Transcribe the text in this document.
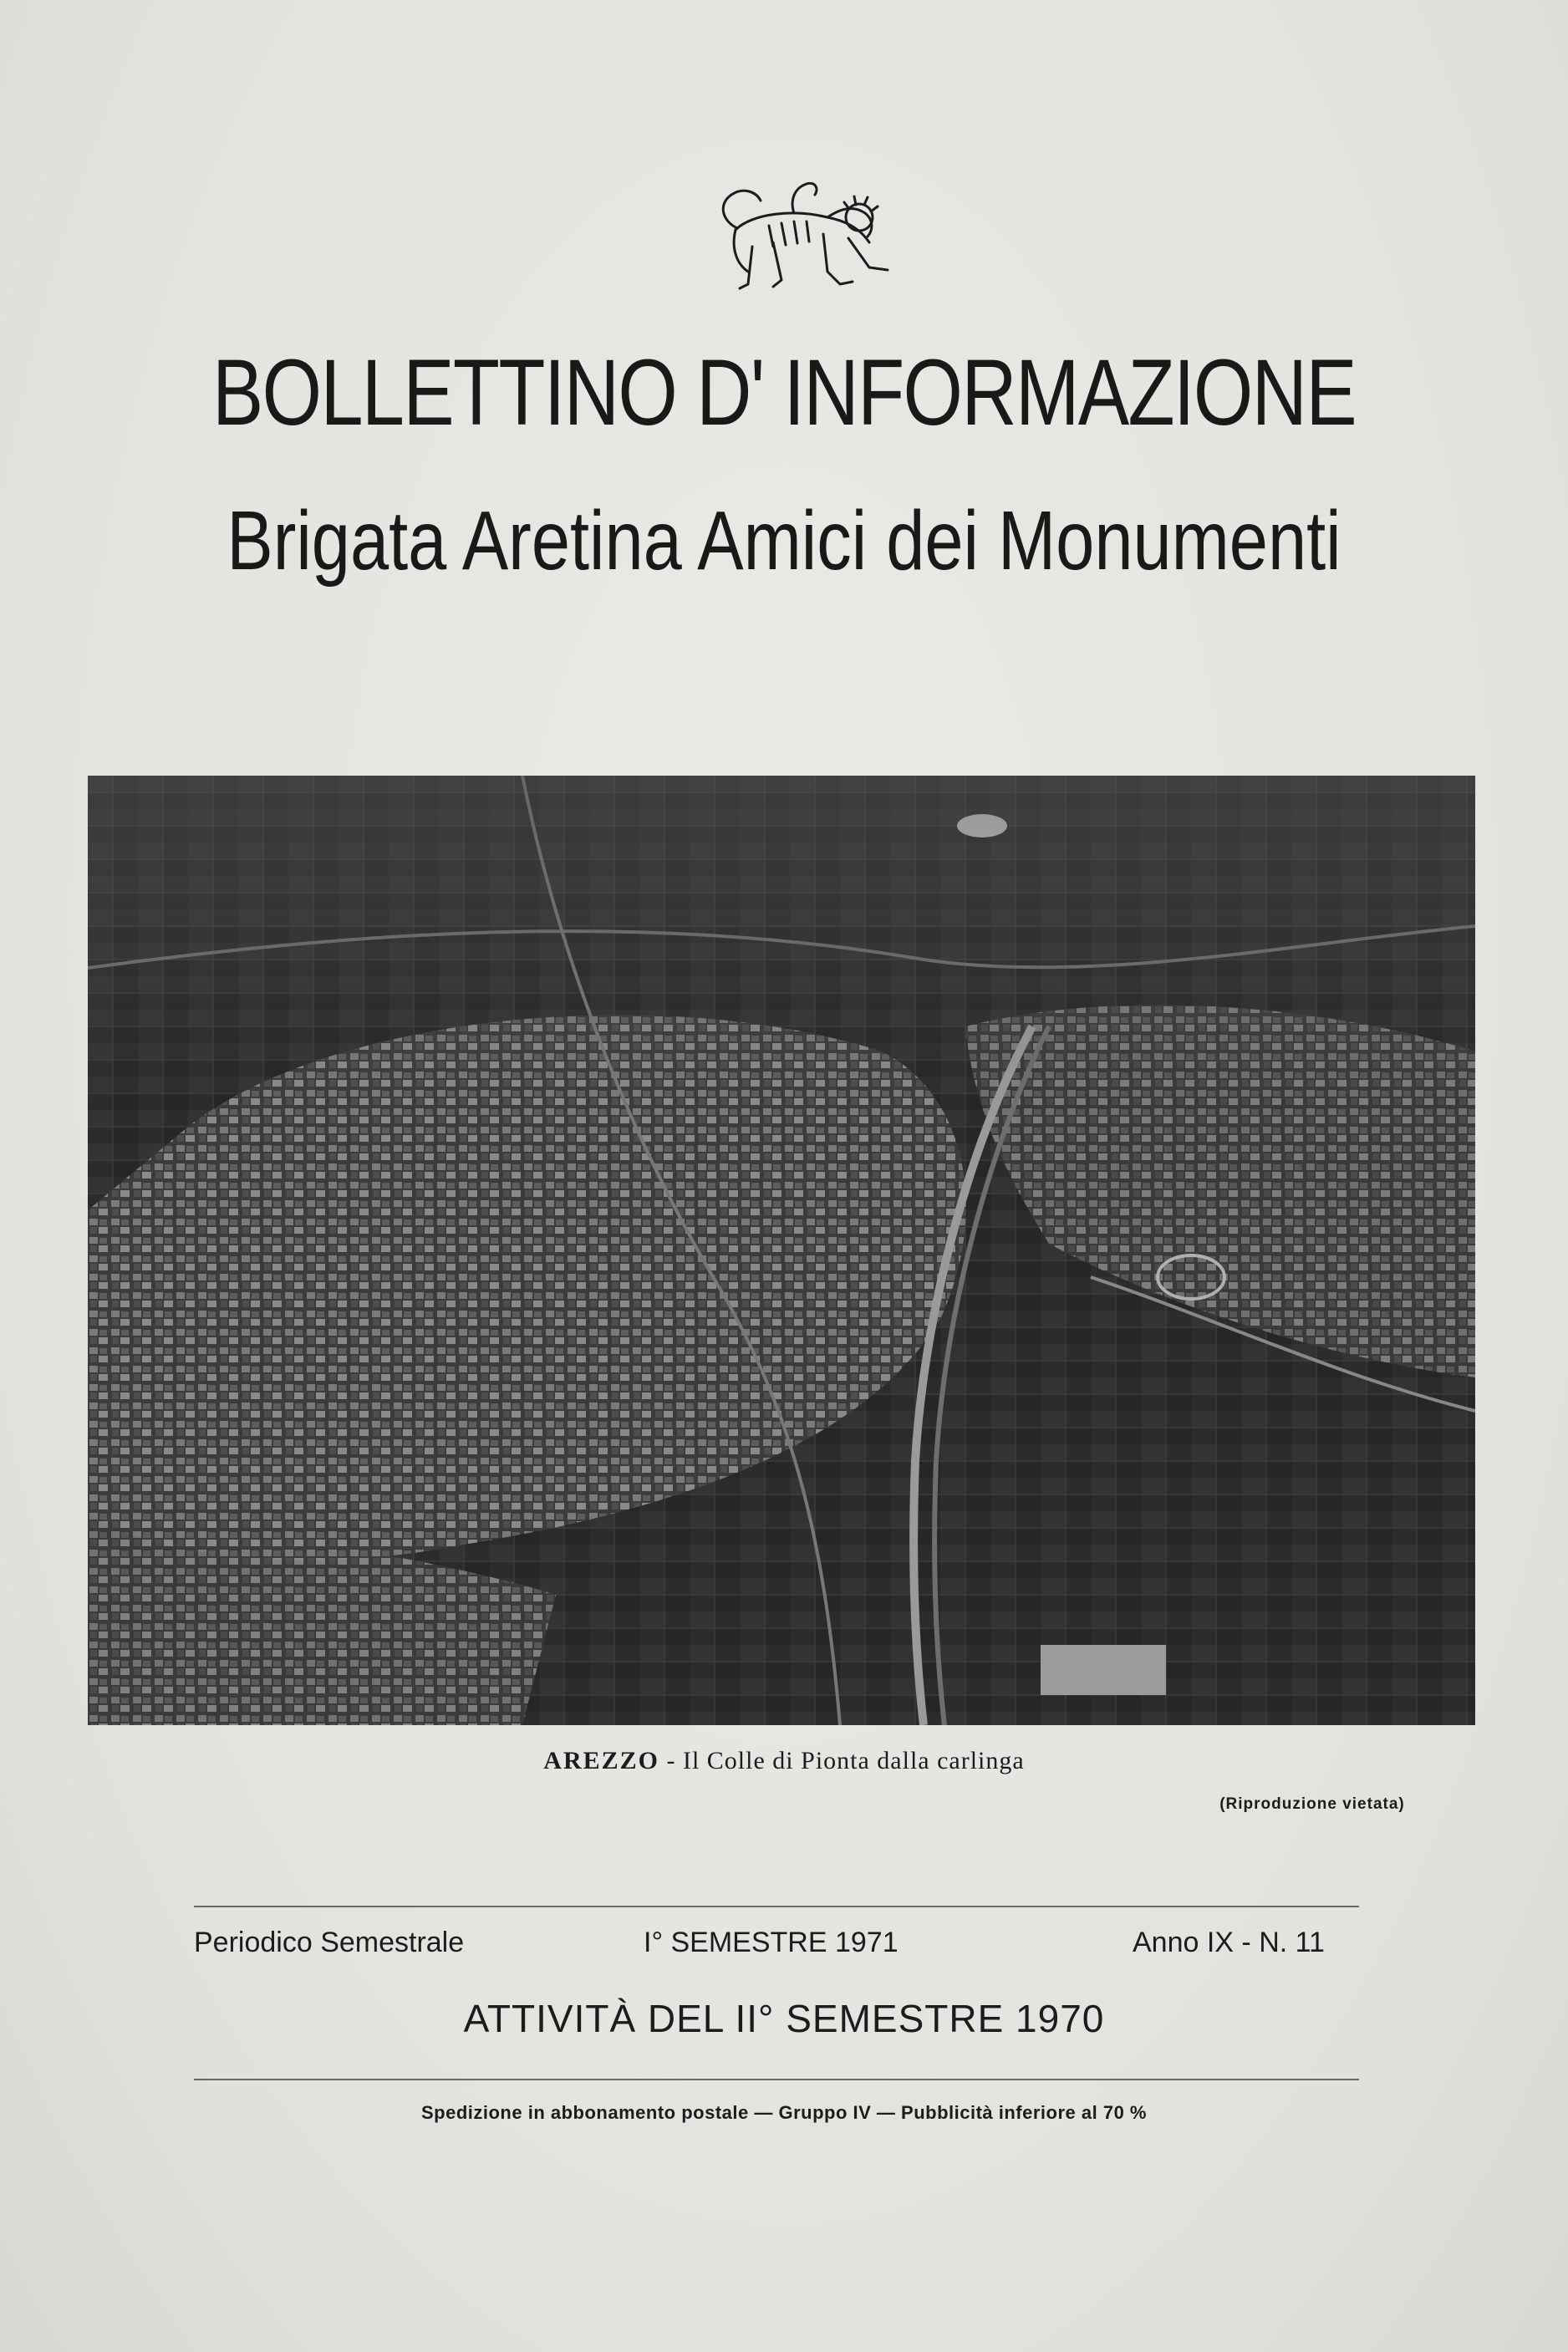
BOLLETTINO D' INFORMAZIONE
Brigata Aretina Amici dei Monumenti
AREZZO - Il Colle di Pionta dalla carlinga
(Riproduzione vietata)
Periodico Semestrale	I° SEMESTRE 1971	Anno IX - N. 11
ATTIVITÀ DEL II° SEMESTRE 1970
Spedizione in abbonamento postale — Gruppo IV — Pubblicità inferiore al 70 %
